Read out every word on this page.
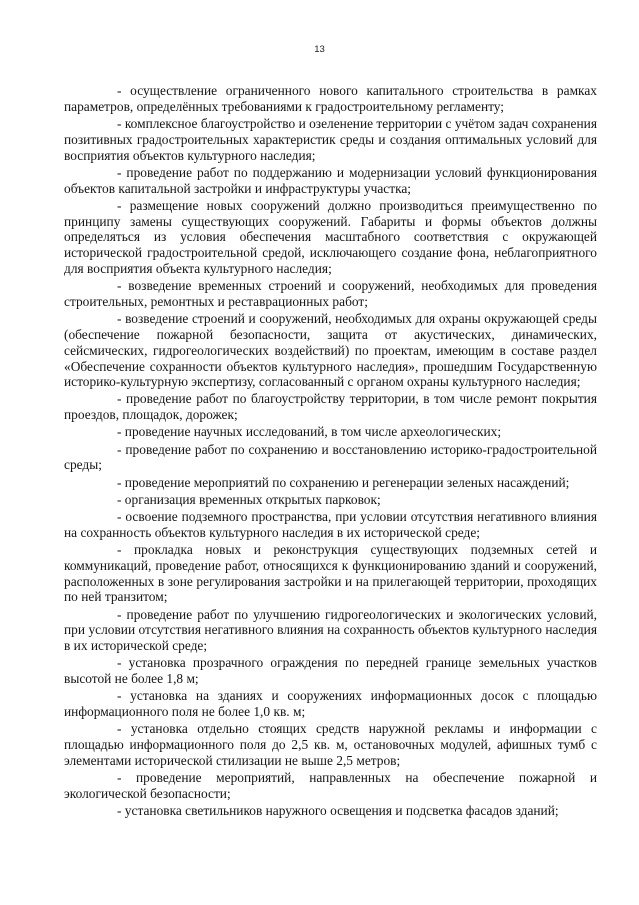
13

- осуществление ограниченного нового капитального строительства в рамках параметров, определённых требованиями к градостроительному регламенту;

- комплексное благоустройство и озеленение территории с учётом задач сохранения позитивных градостроительных характеристик среды и создания оптимальных условий для восприятия объектов культурного наследия;

- проведение работ по поддержанию и модернизации условий функционирования объектов капитальной застройки и инфраструктуры участка;

- размещение новых сооружений должно производиться преимущественно по принципу замены существующих сооружений. Габариты и формы объектов должны определяться из условия обеспечения масштабного соответствия с окружающей исторической градостроительной средой, исключающего создание фона, неблагоприятного для восприятия объекта культурного наследия;

- возведение временных строений и сооружений, необходимых для проведения строительных, ремонтных и реставрационных работ;

- возведение строений и сооружений, необходимых для охраны окружающей среды (обеспечение пожарной безопасности, защита от акустических, динамических, сейсмических, гидрогеологических воздействий) по проектам, имеющим в составе раздел «Обеспечение сохранности объектов культурного наследия», прошедшим Государственную историко-культурную экспертизу, согласованный с органом охраны культурного наследия;

- проведение работ по благоустройству территории, в том числе ремонт покрытия проездов, площадок, дорожек;

- проведение научных исследований, в том числе археологических;

- проведение работ по сохранению и восстановлению историко-градостроительной среды;

- проведение мероприятий по сохранению и регенерации зеленых насаждений;

- организация временных открытых парковок;

- освоение подземного пространства, при условии отсутствия негативного влияния на сохранность объектов культурного наследия в их исторической среде;

- прокладка новых и реконструкция существующих подземных сетей и коммуникаций, проведение работ, относящихся к функционированию зданий и сооружений, расположенных в зоне регулирования застройки и на прилегающей территории, проходящих по ней транзитом;

- проведение работ по улучшению гидрогеологических и экологических условий, при условии отсутствия негативного влияния на сохранность объектов культурного наследия в их исторической среде;

- установка прозрачного ограждения по передней границе земельных участков высотой не более 1,8 м;

- установка на зданиях и сооружениях информационных досок с площадью информационного поля не более 1,0 кв. м;

- установка отдельно стоящих средств наружной рекламы и информации с площадью информационного поля до 2,5 кв. м, остановочных модулей, афишных тумб с элементами исторической стилизации не выше 2,5 метров;

- проведение мероприятий, направленных на обеспечение пожарной и экологической безопасности;

- установка светильников наружного освещения и подсветка фасадов зданий;
